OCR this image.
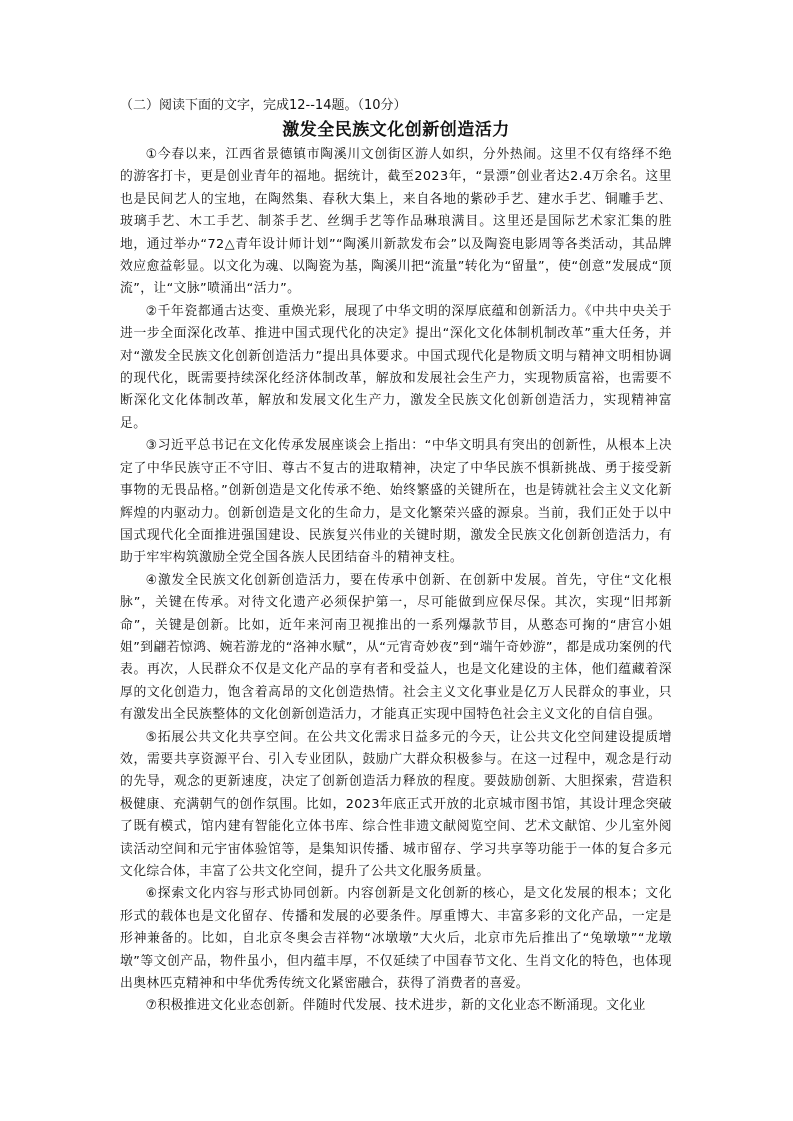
（二）阅读下面的文字，完成12--14题。（10分）

激发全民族文化创新创造活力

①今春以来，江西省景德镇市陶溪川文创街区游人如织，分外热闹。这里不仅有络绎不绝的游客打卡，更是创业青年的福地。据统计，截至2023年，“景漂”创业者达2.4万余名。这里也是民间艺人的宝地，在陶然集、春秋大集上，来自各地的紫砂手艺、建水手艺、铜雕手艺、玻璃手艺、木工手艺、制茶手艺、丝绸手艺等作品琳琅满目。这里还是国际艺术家汇集的胜地，通过举办“72△青年设计师计划”“陶溪川新款发布会”以及陶瓷电影周等各类活动，其品牌效应愈益彰显。以文化为魂、以陶瓷为基，陶溪川把“流量”转化为“留量”，使“创意”发展成“顶流”，让“文脉”喷涌出“活力”。

②千年瓷都通古达变、重焕光彩，展现了中华文明的深厚底蕴和创新活力。《中共中央关于进一步全面深化改革、推进中国式现代化的决定》提出“深化文化体制机制改革”重大任务，并对“激发全民族文化创新创造活力”提出具体要求。中国式现代化是物质文明与精神文明相协调的现代化，既需要持续深化经济体制改革，解放和发展社会生产力，实现物质富裕，也需要不断深化文化体制改革，解放和发展文化生产力，激发全民族文化创新创造活力，实现精神富足。

③习近平总书记在文化传承发展座谈会上指出：“中华文明具有突出的创新性，从根本上决定了中华民族守正不守旧、尊古不复古的进取精神，决定了中华民族不惧新挑战、勇于接受新事物的无畏品格。”创新创造是文化传承不绝、始终繁盛的关键所在，也是铸就社会主义文化新辉煌的内驱动力。创新创造是文化的生命力，是文化繁荣兴盛的源泉。当前，我们正处于以中国式现代化全面推进强国建设、民族复兴伟业的关键时期，激发全民族文化创新创造活力，有助于牢牢构筑激励全党全国各族人民团结奋斗的精神支柱。

④激发全民族文化创新创造活力，要在传承中创新、在创新中发展。首先，守住“文化根脉”，关键在传承。对待文化遗产必须保护第一，尽可能做到应保尽保。其次，实现“旧邦新命”，关键是创新。比如，近年来河南卫视推出的一系列爆款节目，从憨态可掬的“唐宫小姐姐”到翩若惊鸿、婉若游龙的“洛神水赋”，从“元宵奇妙夜”到“端午奇妙游”，都是成功案例的代表。再次，人民群众不仅是文化产品的享有者和受益人，也是文化建设的主体，他们蕴藏着深厚的文化创造力，饱含着高昂的文化创造热情。社会主义文化事业是亿万人民群众的事业，只有激发出全民族整体的文化创新创造活力，才能真正实现中国特色社会主义文化的自信自强。

⑤拓展公共文化共享空间。在公共文化需求日益多元的今天，让公共文化空间建设提质增效，需要共享资源平台、引入专业团队，鼓励广大群众积极参与。在这一过程中，观念是行动的先导，观念的更新速度，决定了创新创造活力释放的程度。要鼓励创新、大胆探索，营造积极健康、充满朝气的创作氛围。比如，2023年底正式开放的北京城市图书馆，其设计理念突破了既有模式，馆内建有智能化立体书库、综合性非遗文献阅览空间、艺术文献馆、少儿室外阅读活动空间和元宇宙体验馆等，是集知识传播、城市留存、学习共享等功能于一体的复合多元文化综合体，丰富了公共文化空间，提升了公共文化服务质量。

⑥探索文化内容与形式协同创新。内容创新是文化创新的核心，是文化发展的根本；文化形式的载体也是文化留存、传播和发展的必要条件。厚重博大、丰富多彩的文化产品，一定是形神兼备的。比如，自北京冬奥会吉祥物“冰墩墩”大火后，北京市先后推出了“兔墩墩”“龙墩墩”等文创产品，物件虽小，但内蕴丰厚，不仅延续了中国春节文化、生肖文化的特色，也体现出奥林匹克精神和中华优秀传统文化紧密融合，获得了消费者的喜爱。

⑦积极推进文化业态创新。伴随时代发展、技术进步，新的文化业态不断涌现。文化业
